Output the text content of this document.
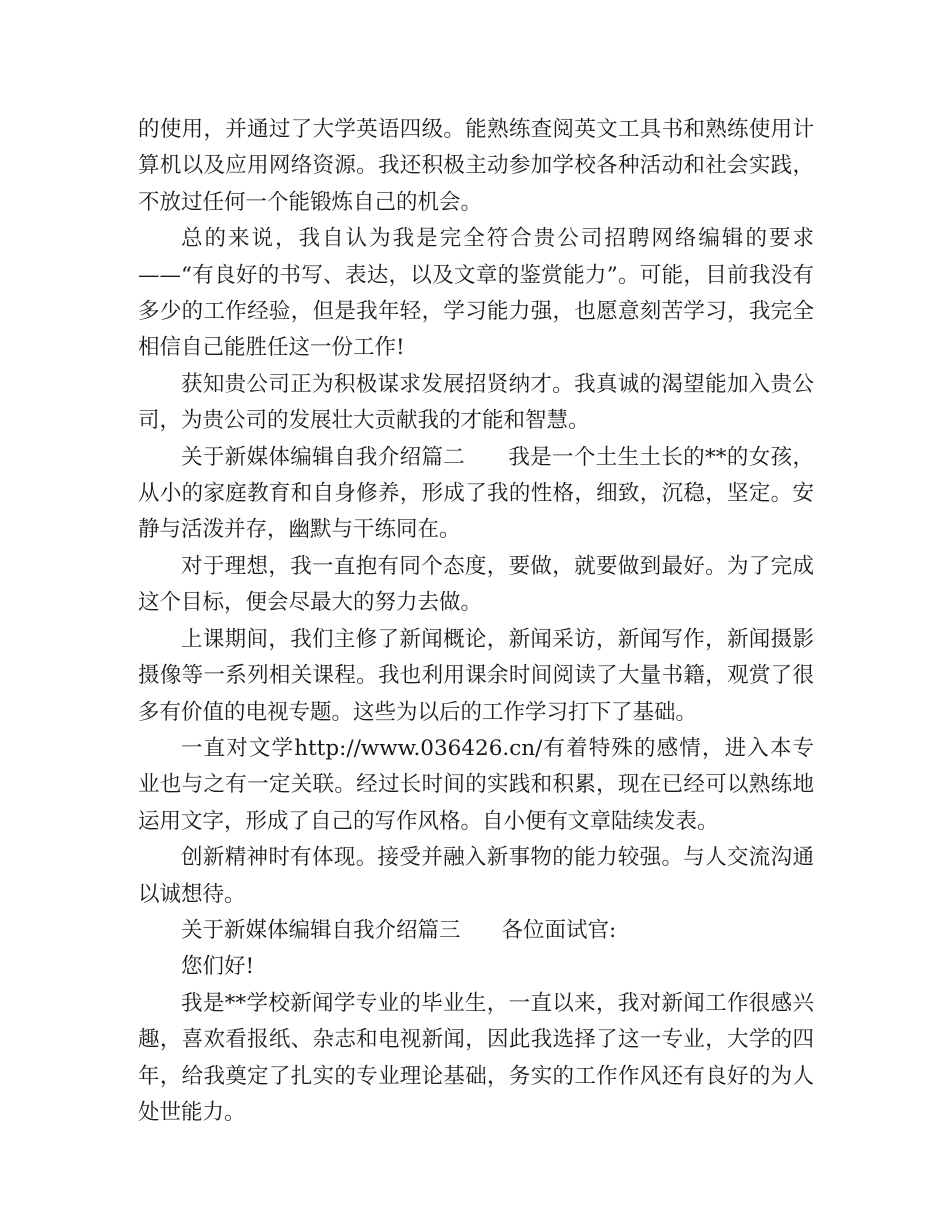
的使用，并通过了大学英语四级。能熟练查阅英文工具书和熟练使用计算机以及应用网络资源。我还积极主动参加学校各种活动和社会实践，不放过任何一个能锻炼自己的机会。

总的来说，我自认为我是完全符合贵公司招聘网络编辑的要求——“有良好的书写、表达，以及文章的鉴赏能力”。可能，目前我没有多少的工作经验，但是我年轻，学习能力强，也愿意刻苦学习，我完全相信自己能胜任这一份工作!

获知贵公司正为积极谋求发展招贤纳才。我真诚的渴望能加入贵公司，为贵公司的发展壮大贡献我的才能和智慧。

关于新媒体编辑自我介绍篇二 我是一个土生土长的**的女孩，从小的家庭教育和自身修养，形成了我的性格，细致，沉稳，坚定。安静与活泼并存，幽默与干练同在。

对于理想，我一直抱有同个态度，要做，就要做到最好。为了完成这个目标，便会尽最大的努力去做。

上课期间，我们主修了新闻概论，新闻采访，新闻写作，新闻摄影摄像等一系列相关课程。我也利用课余时间阅读了大量书籍，观赏了很多有价值的电视专题。这些为以后的工作学习打下了基础。

一直对文学http://www.036426.cn/有着特殊的感情，进入本专业也与之有一定关联。经过长时间的实践和积累，现在已经可以熟练地运用文字，形成了自己的写作风格。自小便有文章陆续发表。

创新精神时有体现。接受并融入新事物的能力较强。与人交流沟通以诚想待。

关于新媒体编辑自我介绍篇三 各位面试官:

您们好!

我是**学校新闻学专业的毕业生，一直以来，我对新闻工作很感兴趣，喜欢看报纸、杂志和电视新闻，因此我选择了这一专业，大学的四年，给我奠定了扎实的专业理论基础，务实的工作作风还有良好的为人处世能力。
